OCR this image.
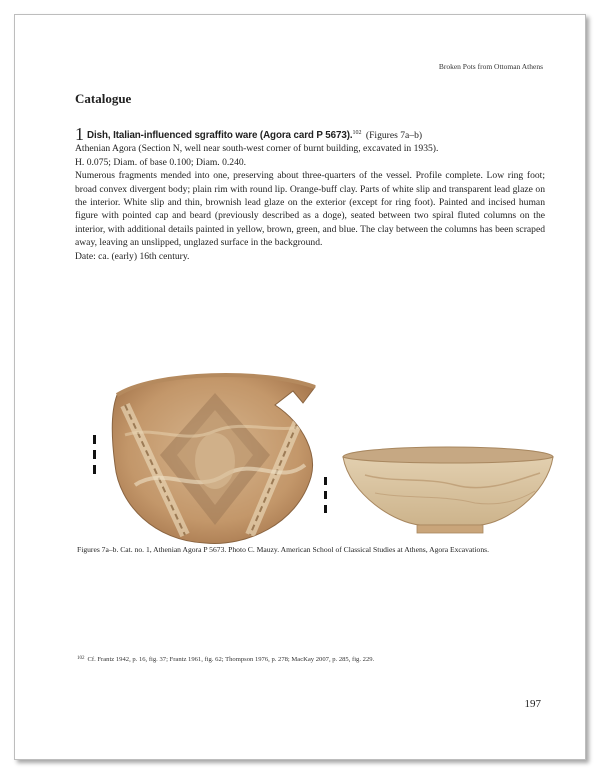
Broken Pots from Ottoman Athens
Catalogue

1 Dish, Italian-influenced sgraffito ware (Agora card P 5673).$^{102}$ (Figures 7a–b)

Athenian Agora (Section N, well near south-west corner of burnt building, excavated in 1935).

H. 0.075; Diam. of base 0.100; Diam. 0.240.

Numerous fragments mended into one, preserving about three-quarters of the vessel. Profile complete. Low ring foot; broad convex divergent body; plain rim with round lip. Orange-buff clay. Parts of white slip and transparent lead glaze on the interior. White slip and thin, brownish lead glaze on the exterior (except for ring foot). Painted and incised human figure with pointed cap and beard (previously described as a doge), seated between two spiral fluted columns on the interior, with additional details painted in yellow, brown, green, and blue. The clay between the columns has been scraped away, leaving an unslipped, unglazed surface in the background.

Date: ca. (early) 16th century.

Figures 7a–b. Cat. no. 1, Athenian Agora P 5673. Photo C. Mauzy. American School of Classical Studies at Athens, Agora Excavations.
$^{102}$ Cf. Frantz 1942, p. 16, fig. 37; Frantz 1961, fig. 62; Thompson 1976, p. 278; MacKay 2007, p. 285, fig. 229.
197
